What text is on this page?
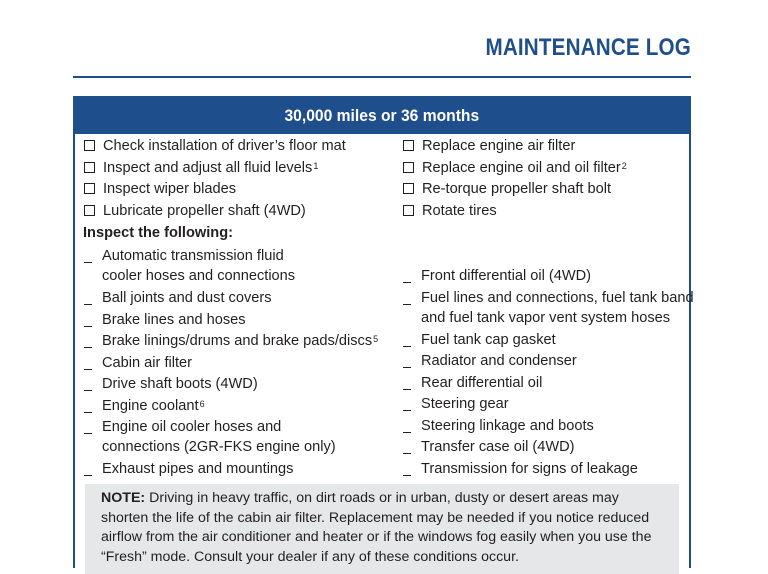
MAINTENANCE LOG
30,000 miles or 36 months
Check installation of driver’s floor mat
Inspect and adjust all fluid levels$^1$
Inspect wiper blades
Lubricate propeller shaft (4WD)
Inspect the following:
Automatic transmission fluid
cooler hoses and connections
Ball joints and dust covers
Brake lines and hoses
Brake linings/drums and brake pads/discs$^5$
Cabin air filter
Drive shaft boots (4WD)
Engine coolant$^6$
Engine oil cooler hoses and
connections (2GR-FKS engine only)
Exhaust pipes and mountings
Replace engine air filter
Replace engine oil and oil filter$^2$
Re-torque propeller shaft bolt
Rotate tires
Front differential oil (4WD)
Fuel lines and connections, fuel tank band
and fuel tank vapor vent system hoses
Fuel tank cap gasket
Radiator and condenser
Rear differential oil
Steering gear
Steering linkage and boots
Transfer case oil (4WD)
Transmission for signs of leakage
NOTE: Driving in heavy traffic, on dirt roads or in urban, dusty or desert areas may shorten the life of the cabin air filter. Replacement may be needed if you notice reduced airflow from the air conditioner and heater or if the windows fog easily when you use the “Fresh” mode. Consult your dealer if any of these conditions occur.
